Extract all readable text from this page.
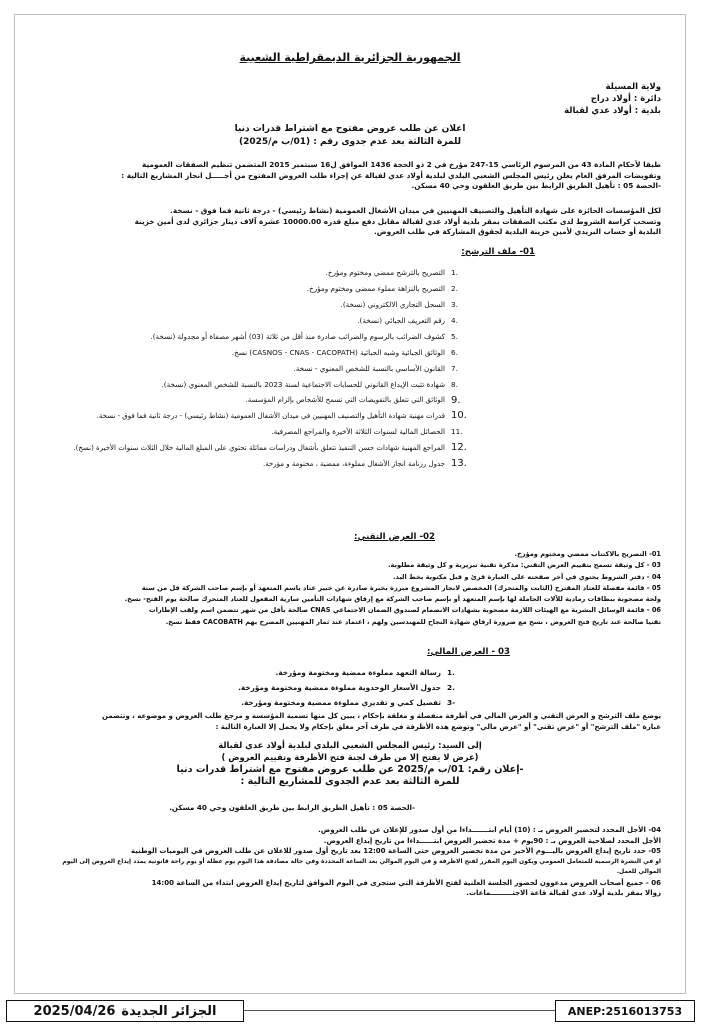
الجمهورية الجزائرية الديمقراطية الشعبية
ولاية المسيلة
دائرة : أولاد دراج
بلدية : أولاد عدي لقبالة
اعلان عن طلب عروض مفتوح مع اشتراط قدرات دنيا
للمرة الثالثة بعد عدم جدوى رقم : (01/ب م/2025)
طبقا لأحكام المادة 43 من المرسوم الرئاسي 15-247 مؤرخ في 2 ذو الحجة 1436 الموافق ل16 سبتمبر 2015 المتضمن تنظيم الصفقات العمومية
وتفويضات المرفق العام يعلن رئيس المجلس الشعبي البلدي لبلدية أولاد عدي لقبالة عن إجراء طلب العروض المفتوح من أجـــــل انجاز المشاريع التالية :
-الحصة 05 : تأهيل الطريق الرابط بين طريق العلقون وحي 40 مسكن.
لكل المؤسسات الحائزة على شهادة التأهيل والتصنيف المهنيين في ميدان الأشغال العمومية (نشاط رئيسي) - درجة ثانية فما فوق - نسخة.
وتسحب كراسة الشروط لدى مكتب الصفقات بمقر بلدية أولاد عدي لقبالة مقابل دفع مبلغ قدره 10000.00 عشرة آلاف دينار جزائري لدى أمين خزينة
البلدية أو حساب البريدي لأمين خزينة البلدية لحقوق المشاركة في طلب العروض.
01- ملف الترشح:
1.
التصريح بالترشح ممضي ومختوم ومؤرخ.
2.
التصريح بالنزاهة مملوء ممضي ومختوم ومؤرخ.
3.
السجل التجاري الالكتروني (نسخة).
4.
رقم التعريف الجبائي (نسخة).
5.
كشوف الضرائب بالرسوم والضرائب صادرة منذ أقل من ثلاثة (03) أشهر مصفاة أو مجدولة (نسخة).
6.
الوثائق الجبائية وشبه الجبائية (CASNOS - CNAS - CACOPATH) نسخ.
7.
القانون الأساسي بالنسبة للشخص المعنوي - نسخة.
8.
شهادة تثبت الإيداع القانوني للحسابات الاجتماعية لسنة 2023 بالنسبة للشخص المعنوي (نسخة).
9.
الوثائق التي تتعلق بالتفويضات التي تسمح للأشخاص بإلزام المؤسسة.
10.
قدرات مهنية شهادة التأهيل والتصنيف المهنيين في ميدان الأشغال العمومية (نشاط رئيسي) - درجة ثانية فما فوق - نسخة.
11.
الحصائل المالية لسنوات الثلاثة الأخيرة والمراجع المصرفية.
12.
المراجع المهنية شهادات حسن التنفيذ تتعلق بأشغال ودراسات مماثلة تحتوي على المبلغ المالية خلال الثلاث سنوات الأخيرة (نسخ).
13.
جدول رزنامة انجاز الأشغال مملوءة، ممضية ، مختومة و مؤرخة.
02- العرض التقني:
01- التصريح بالاكتتاب ممضي ومختوم ومؤرخ.
03 - كل وثيقة تسمح بتقييم العرض التقني: مذكرة تقنية تبريرية و كل وثيقة مطلوبة.
04 - دفتر الشروط يحتوي في آخر صفحته على العبارة قرئ و قبل مكتوبة بخط اليد.
05 - قائمة مفصلة للعتاد المقترح (الثابت والمتحرك) المخصص لانجاز المشروع مبرزة بخبرة صادرة عن خبير عتاد باسم المتعهد أو بإسم صاحب الشركة قل من سنة
ولحة مصحوبة ببطاقات رمادية للآلات الحاملة لها بإسم المتعهد أو بإسم صاحب الشركة مع إرفاق شهادات التأمين سارية المفعول للعتاد المتحرك صالحة يوم الفتح- نسخ.
06 - قائمة الوسائل البشرية مع الهيئات اللازمة مصحوبة بشهادات الانضمام لصندوق الضمان الاجتماعي CNAS صالحة بأقل من شهر تتضمن اسم ولقب الإطارات
ثقنيا صالحة عند تاريخ فتح العروض ، نسخ مع ضرورة ارفاق شهادة النجاح للمهندسين ولهم ، اعتماد عند ثمار المهنيين المصرح بهم CACOBATH فقط نسخ.
03 - العرض المالي:
1.
رسالة التعهد مملوءة ممضية ومختومة ومؤرخة.
2.
جدول الأسعار الوحدوية مملوءة ممضية ومختومة ومؤرخة.
3-
تفصيل كمي و تقديري مملوءة ممضية ومختومة ومؤرخة.
يوضع ملف الترشح و العرض التقني و العرض المالي في أظرفة منفصلة و مغلقة بإحكام ، يبين كل منها تسمية المؤسسة و مرجع طلب العروض و موضوعه ، وتتضمن
عبارة "ملف الترشح" أو "عرض تقني" أو "عرض مالي" وتوضع هذه الأظرفة في ظرف آخر مغلق بإحكام ولا يحمل إلا العبارة التالية :
إلى السيد: رئيس المجلس الشعبي البلدي لبلدية أولاد عدي لقبالة
(عرض لا يفتح إلا من طرف لجنة فتح الأظرفة وتقييم العروض )
-إعلان رقم: 01/ب م/2025 عن طلب عروض مفتوح مع اشتراط قدرات دنيا
للمرة الثالثة بعد عدم الجدوى للمشاريع التالية :
-الحصة 05 : تأهيل الطريق الرابط بين طريق العلقون وحي 40 مسكن.
04- الأجل المحدد لتحضير العروض بـ : (10) أيام ابتـــــــداءا من أول صدور للإعلان عن طلب العروض.
الأجل المحدد لصلاحية العروض بـ : 90يوم + مدة تحضير العروض ابتــــــداءا من تاريخ إيداع العروض.
05- حدد تاريخ إيداع العروض باليـــوم الأخير من مدة تحضير العروض حتى الساعة 12:00 بعد تاريخ أول صدور للاعلان عن طلب العروض في اليوميات الوطنية
او في النشرة الرسمية للمتعامل العمومي ويكون اليوم المقرر لفتح الاظرفة و في اليوم الموالي بعد الساعة المحددة وفي حالة مصادفة هذا اليوم يوم عطلة أو يوم راحة قانونية يمدد إيداع العروض إلى اليوم الموالي للعمل.
06 - جميع أصحاب العروض مدعوون لحضور الجلسة العلنية لفتح الأظرفة التي ستجرى في اليوم الموافق لتاريخ إيداع العروض ابتداء من الساعة 14:00
زوالا بمقر بلدية أولاد عدي لقبالة قاعة الاجتـــــــــماعات.
2025/04/26 الجزائر الجديدة	ANEP:2516013753
